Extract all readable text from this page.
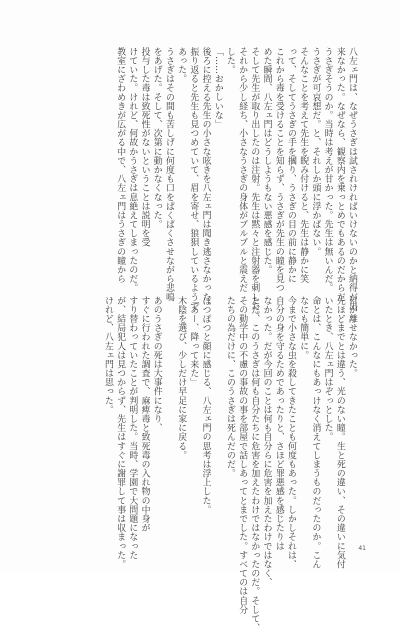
八左ェ門は、なぜうさぎは試されければいけないのかと納得が出
来なかった。なぜなら、観察内を乗っとめでもあるのだからだ
うさぎそうのか。当時は考えが甘かった。先生は無いんだ。
うさぎが可哀想だ。と、それしか頭に浮かばない。
そんなことを考えて先生を睨み付けると、先生は静かに笑
って、そしてうさぎの手を摑り、うさぎの目の前に静かに
これから毒を受けることを知らず、うさぎが先生の瞳を見つ
めた瞬間、八左ェ門はどうしようもない悪感を感じた。
そして先生が取り出したのは注射。先生は黙々と注射器を刺した。
それから少し経ち、小さなうさぎの身体がブルブルと震えだ
した。
「……おかしいな」
後ろに控える先生の小さな呟きを八左ェ門は聞き逃さなかった。
振り返ると先生も見つめていて、眉を寄せ、狼狽しているようで
あった。
うさぎはその間も苦しげに何度も口をぱくぱくさせながら悲鳴
をあげた。そして、次第に動かなくなった。
投与した毒は致死性がないということは説明を受
けていた。けれど、何故かうさぎは息絶えてしまったのだ。
教室にざわめきが広がる中で、八左ェ門はうさぎの瞳から
目が離せなかった。
先ほどまでとは違う、光のない瞳。生と死の違い、その違いに気付
いたとき、八左ェ門はぞっとした。
命とは、こんなにもあっけなく消えてしまうものだったのか。こん
なにも簡単に。
今まで小さな虫を殺してきたことも何度もあった。しかしそれは、
自分の身を守るためであったりと、さほど罪悪感を感じたりは
なかった。だが今回のことは何も自分らに危害を加えたわけではなく、
ただ、このうさぎは何も自分たちに危害を加えたわけではなかったのだ。そして、
その動学中の不慮の事故の事を部屋で話しあってとまでした。すべてのは自分
たちの為だけに、このうさぎは死んだのだ。

ぽつぽつと顔に感じる、八左ェ門の思考は浮上した。
「あー、降って来た」
木陰を選び、少しだけ早足に家に戻る。

あのうさぎの死は大事件になり、
すぐに行われた調査で、麻痺毒と致死毒の入れ物の中身が
すり替わっていたことが判明した。当時、学園で大問題になった
が、結局犯人は見つからず、先生はすぐに謝罪して事は収まった。
けれど、八左ェ門は思った。
41
